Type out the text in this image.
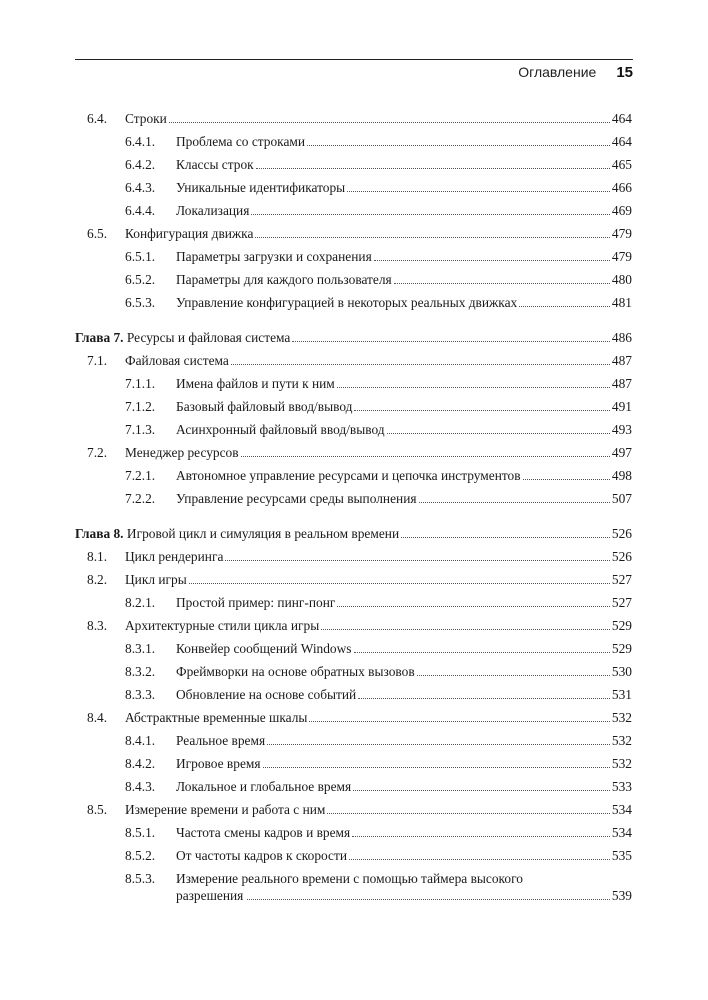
Оглавление 15
6.4.	Строки	464
6.4.1.	Проблема со строками	464
6.4.2.	Классы строк	465
6.4.3.	Уникальные идентификаторы	466
6.4.4.	Локализация	469
6.5.	Конфигурация движка	479
6.5.1.	Параметры загрузки и сохранения	479
6.5.2.	Параметры для каждого пользователя	480
6.5.3.	Управление конфигурацией в некоторых реальных движках	481
Глава 7. Ресурсы и файловая система	486
7.1.	Файловая система	487
7.1.1.	Имена файлов и пути к ним	487
7.1.2.	Базовый файловый ввод/вывод	491
7.1.3.	Асинхронный файловый ввод/вывод	493
7.2.	Менеджер ресурсов	497
7.2.1.	Автономное управление ресурсами и цепочка инструментов	498
7.2.2.	Управление ресурсами среды выполнения	507
Глава 8. Игровой цикл и симуляция в реальном времени	526
8.1.	Цикл рендеринга	526
8.2.	Цикл игры	527
8.2.1.	Простой пример: пинг-понг	527
8.3.	Архитектурные стили цикла игры	529
8.3.1.	Конвейер сообщений Windows	529
8.3.2.	Фреймворки на основе обратных вызовов	530
8.3.3.	Обновление на основе событий	531
8.4.	Абстрактные временные шкалы	532
8.4.1.	Реальное время	532
8.4.2.	Игровое время	532
8.4.3.	Локальное и глобальное время	533
8.5.	Измерение времени и работа с ним	534
8.5.1.	Частота смены кадров и время	534
8.5.2.	От частоты кадров к скорости	535
8.5.3.	Измерение реального времени с помощью таймера высокого
разрешения	539
